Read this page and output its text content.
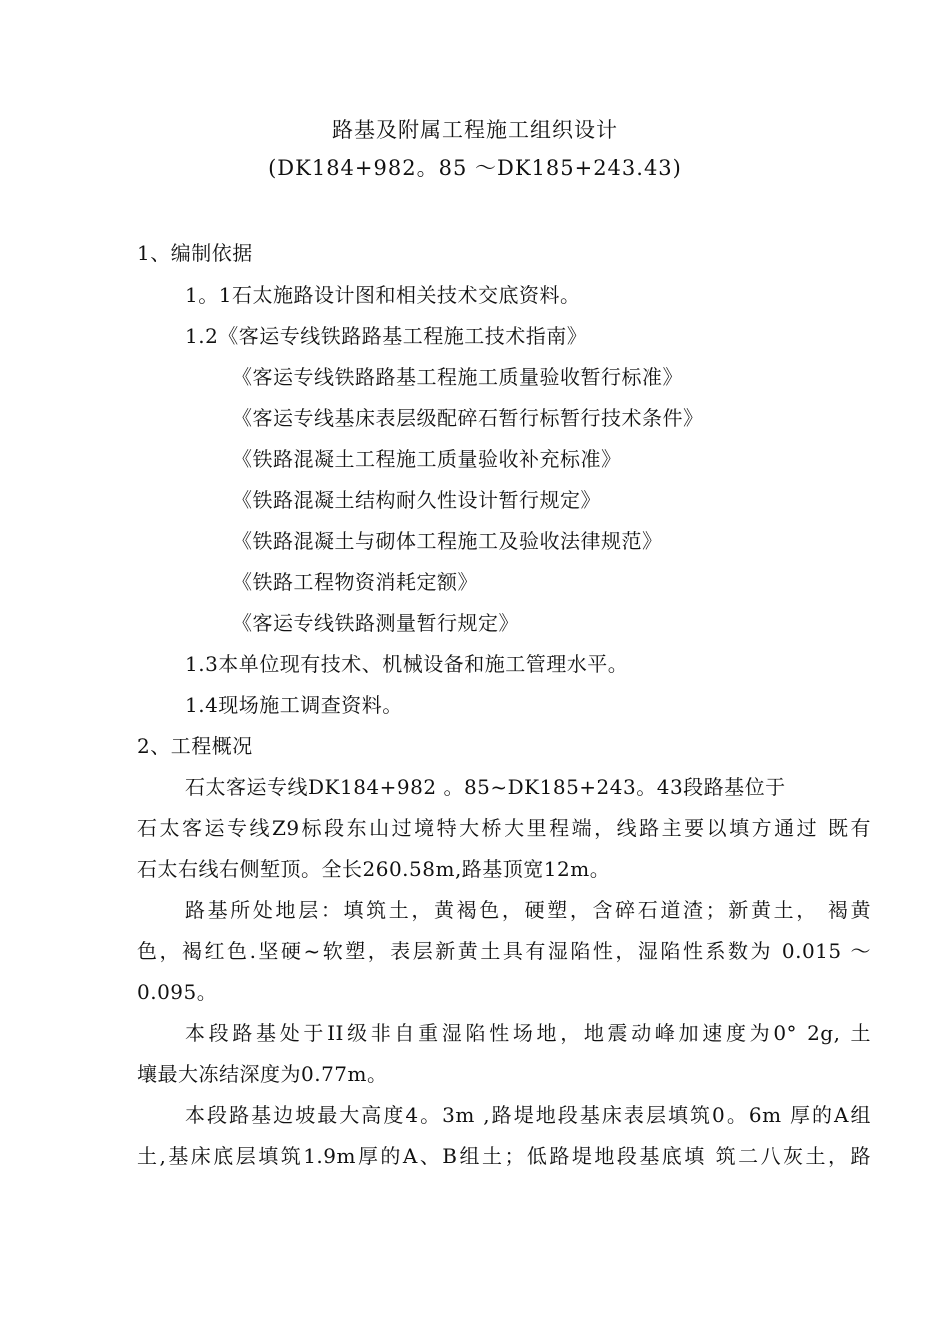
路基及附属工程施工组织设计
(DK184+982。85 〜DK185+243.43)
1、编制依据
1。1石太施路设计图和相关技术交底资料。
1.2《客运专线铁路路基工程施工技术指南》
《客运专线铁路路基工程施工质量验收暂行标准》
《客运专线基床表层级配碎石暂行标暂行技术条件》
《铁路混凝土工程施工质量验收补充标准》
《铁路混凝土结构耐久性设计暂行规定》
《铁路混凝土与砌体工程施工及验收法律规范》
《铁路工程物资消耗定额》
《客运专线铁路测量暂行规定》
1.3本单位现有技术、机械设备和施工管理水平。
1.4现场施工调查资料。
2、工程概况
石太客运专线DK184+982 。85~DK185+243。43段路基位于
石太客运专线Z9标段东山过境特大桥大里程端，线路主要以填方通过 既有
石太右线右侧堑顶。全长260.58m,路基顶宽12m。
路基所处地层：填筑土，黄褐色，硬塑，含碎石道渣；新黄土， 褐黄
色，褐红色.坚硬~软塑，表层新黄土具有湿陷性，湿陷性系数为 0.015 〜
0.095。
本段路基处于II级非自重湿陷性场地，地震动峰加速度为0° 2g, 土
壤最大冻结深度为0.77m。
本段路基边坡最大高度4。3m ,路堤地段基床表层填筑0。6m 厚的A组
土,基床底层填筑1.9m厚的A、B组土；低路堤地段基底填 筑二八灰土，路
